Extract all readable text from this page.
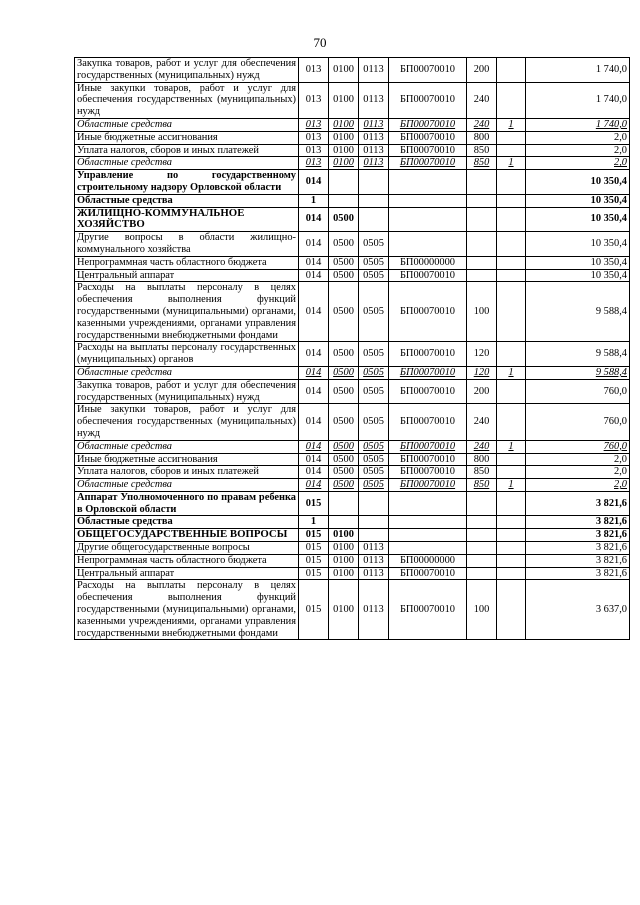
70
Закупка товаров, работ и услуг для обеспечения государственных (муниципальных) нужд	013	0100	0113	БП00070010	200		1 740,0
Иные закупки товаров, работ и услуг для обеспечения государственных (муниципальных) нужд	013	0100	0113	БП00070010	240		1 740,0
Областные средства	013	0100	0113	БП00070010	240	1	1 740,0
Иные бюджетные ассигнования	013	0100	0113	БП00070010	800		2,0
Уплата налогов, сборов и иных платежей	013	0100	0113	БП00070010	850		2,0
Областные средства	013	0100	0113	БП00070010	850	1	2,0
Управление по государственному строительному надзору Орловской области	014						10 350,4
Областные средства	1						10 350,4
ЖИЛИЩНО-КОММУНАЛЬНОЕ ХОЗЯЙСТВО	014	0500					10 350,4
Другие вопросы в области жилищно-коммунального хозяйства	014	0500	0505				10 350,4
Непрограммная часть областного бюджета	014	0500	0505	БП00000000			10 350,4
Центральный аппарат	014	0500	0505	БП00070010			10 350,4
Расходы на выплаты персоналу в целях обеспечения выполнения функций государственными (муниципальными) органами, казенными учреждениями, органами управления государственными внебюджетными фондами	014	0500	0505	БП00070010	100		9 588,4
Расходы на выплаты персоналу государственных (муниципальных) органов	014	0500	0505	БП00070010	120		9 588,4
Областные средства	014	0500	0505	БП00070010	120	1	9 588,4
Закупка товаров, работ и услуг для обеспечения государственных (муниципальных) нужд	014	0500	0505	БП00070010	200		760,0
Иные закупки товаров, работ и услуг для обеспечения государственных (муниципальных) нужд	014	0500	0505	БП00070010	240		760,0
Областные средства	014	0500	0505	БП00070010	240	1	760,0
Иные бюджетные ассигнования	014	0500	0505	БП00070010	800		2,0
Уплата налогов, сборов и иных платежей	014	0500	0505	БП00070010	850		2,0
Областные средства	014	0500	0505	БП00070010	850	1	2,0
Аппарат Уполномоченного по правам ребенка в Орловской области	015						3 821,6
Областные средства	1						3 821,6
ОБЩЕГОСУДАРСТВЕННЫЕ ВОПРОСЫ	015	0100					3 821,6
Другие общегосударственные вопросы	015	0100	0113				3 821,6
Непрограммная часть областного бюджета	015	0100	0113	БП00000000			3 821,6
Центральный аппарат	015	0100	0113	БП00070010			3 821,6
Расходы на выплаты персоналу в целях обеспечения выполнения функций государственными (муниципальными) органами, казенными учреждениями, органами управления государственными внебюджетными фондами	015	0100	0113	БП00070010	100		3 637,0
